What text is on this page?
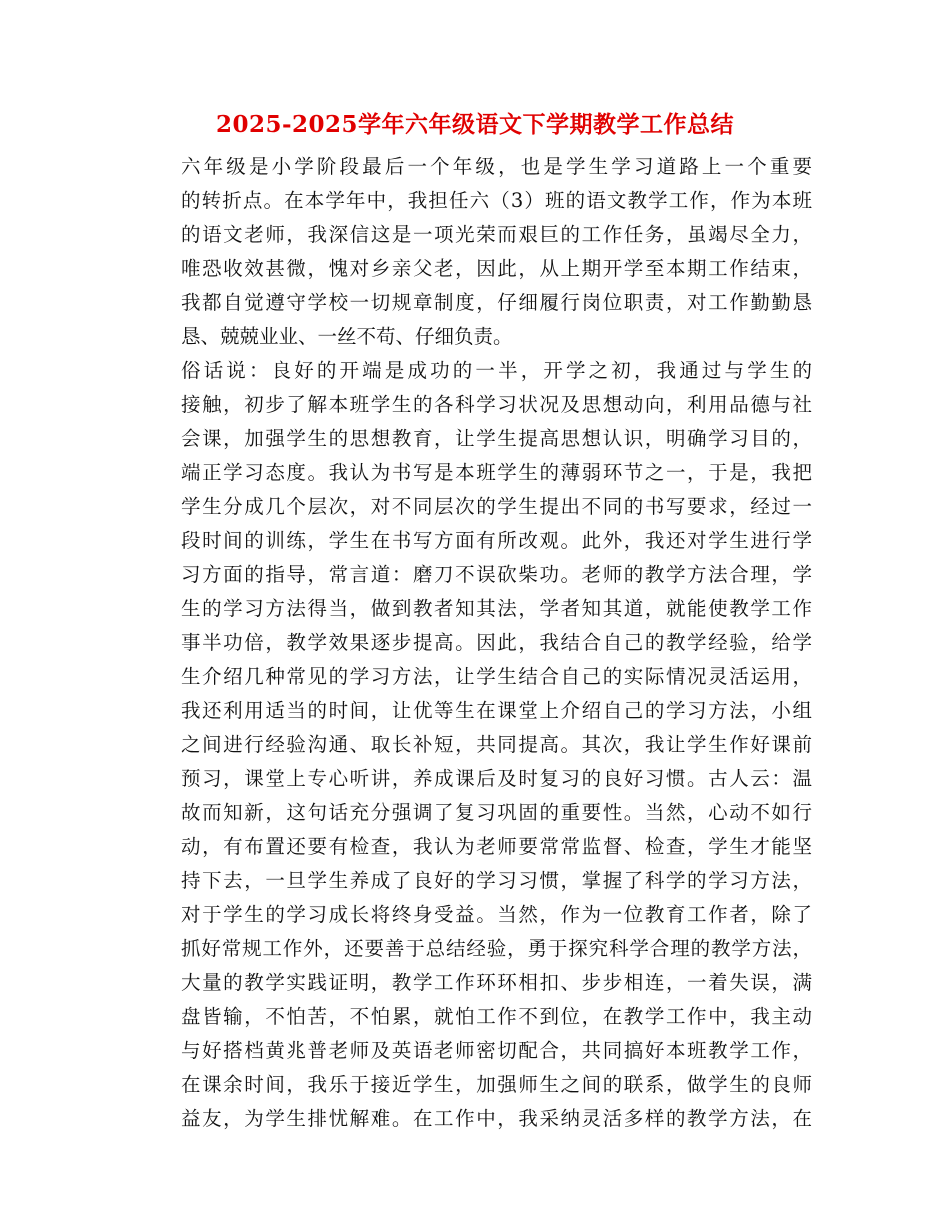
2025-2025学年六年级语文下学期教学工作总结
六年级是小学阶段最后一个年级，也是学生学习道路上一个重要
的转折点。在本学年中，我担任六（3）班的语文教学工作，作为本班
的语文老师，我深信这是一项光荣而艰巨的工作任务，虽竭尽全力，
唯恐收效甚微，愧对乡亲父老，因此，从上期开学至本期工作结束，
我都自觉遵守学校一切规章制度，仔细履行岗位职责，对工作勤勤恳
恳、兢兢业业、一丝不苟、仔细负责。
俗话说：良好的开端是成功的一半，开学之初，我通过与学生的
接触，初步了解本班学生的各科学习状况及思想动向，利用品德与社
会课，加强学生的思想教育，让学生提高思想认识，明确学习目的，
端正学习态度。我认为书写是本班学生的薄弱环节之一，于是，我把
学生分成几个层次，对不同层次的学生提出不同的书写要求，经过一
段时间的训练，学生在书写方面有所改观。此外，我还对学生进行学
习方面的指导，常言道：磨刀不误砍柴功。老师的教学方法合理，学
生的学习方法得当，做到教者知其法，学者知其道，就能使教学工作
事半功倍，教学效果逐步提高。因此，我结合自己的教学经验，给学
生介绍几种常见的学习方法，让学生结合自己的实际情况灵活运用，
我还利用适当的时间，让优等生在课堂上介绍自己的学习方法，小组
之间进行经验沟通、取长补短，共同提高。其次，我让学生作好课前
预习，课堂上专心听讲，养成课后及时复习的良好习惯。古人云：温
故而知新，这句话充分强调了复习巩固的重要性。当然，心动不如行
动，有布置还要有检查，我认为老师要常常监督、检查，学生才能坚
持下去，一旦学生养成了良好的学习习惯，掌握了科学的学习方法，
对于学生的学习成长将终身受益。当然，作为一位教育工作者，除了
抓好常规工作外，还要善于总结经验，勇于探究科学合理的教学方法，
大量的教学实践证明，教学工作环环相扣、步步相连，一着失误，满
盘皆输，不怕苦，不怕累，就怕工作不到位，在教学工作中，我主动
与好搭档黄兆普老师及英语老师密切配合，共同搞好本班教学工作，
在课余时间，我乐于接近学生，加强师生之间的联系，做学生的良师
益友，为学生排忧解难。在工作中，我采纳灵活多样的教学方法，在
